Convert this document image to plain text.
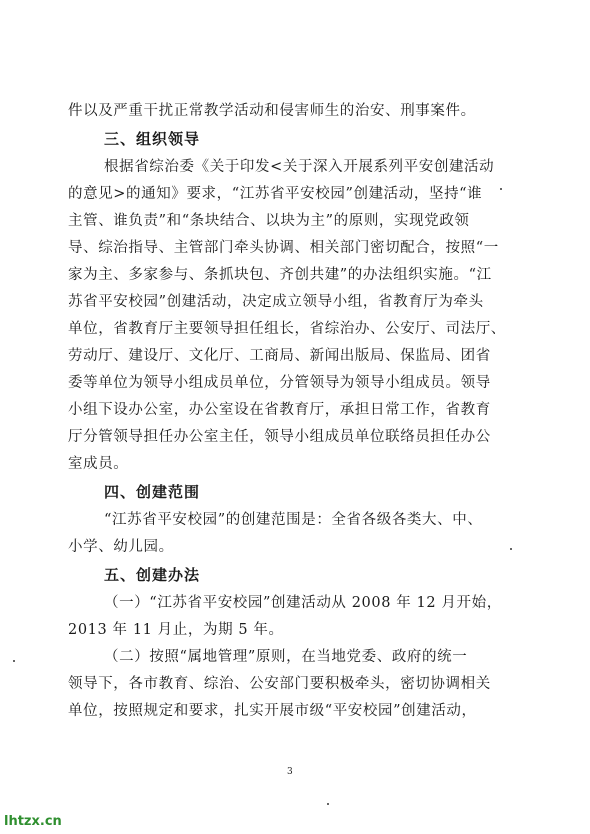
件以及严重干扰正常教学活动和侵害师生的治安、刑事案件。
三、组织领导
根据省综治委《关于印发<关于深入开展系列平安创建活动
的意见>的通知》要求，“江苏省平安校园”创建活动，坚持“谁
主管、谁负责”和“条块结合、以块为主”的原则，实现党政领
导、综治指导、主管部门牵头协调、相关部门密切配合，按照“一
家为主、多家参与、条抓块包、齐创共建”的办法组织实施。“江
苏省平安校园”创建活动，决定成立领导小组，省教育厅为牵头
单位，省教育厅主要领导担任组长，省综治办、公安厅、司法厅、
劳动厅、建设厅、文化厅、工商局、新闻出版局、保监局、团省
委等单位为领导小组成员单位，分管领导为领导小组成员。领导
小组下设办公室，办公室设在省教育厅，承担日常工作，省教育
厅分管领导担任办公室主任，领导小组成员单位联络员担任办公
室成员。
四、创建范围
“江苏省平安校园”的创建范围是：全省各级各类大、中、
小学、幼儿园。
五、创建办法
（一）“江苏省平安校园”创建活动从 2008 年 12 月开始，
2013 年 11 月止，为期 5 年。
（二）按照“属地管理”原则，在当地党委、政府的统一
领导下，各市教育、综治、公安部门要积极牵头，密切协调相关
单位，按照规定和要求，扎实开展市级“平安校园”创建活动，
3
lhtzx.cn
